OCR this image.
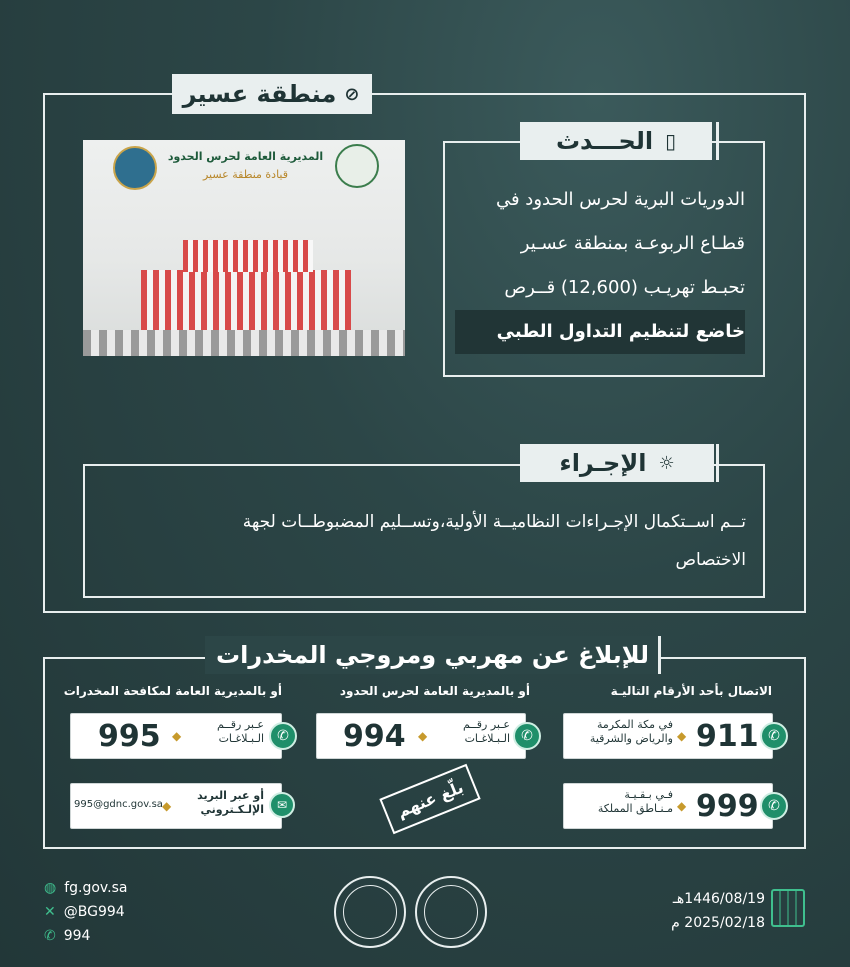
⊘
منطقة عسير
المديرية العامة لحرس الحدود
قيادة منطقة عسير
▯
الحـــدث
الدوريات البرية لحرس الحدود في
قطـاع الربوعـة بمنطقة عسـير
تحبـط تهريـب (12,600) قــرص
خاضع لتنظيم التداول الطبي
☼
الإجـراء
تــم اســتكمال الإجـراءات النظاميــة الأولية،وتســليم المضبوطــات لجهة
الاختصاص
للإبلاغ عن مهربي ومروجي المخدرات
الاتصال بأحد الأرقام التاليـة
أو بالمديرية العامة لحرس الحدود
أو بالمديرية العامة لمكافحة المخدرات
✆
911
◆
في مكة المكرمة
والرياض والشرقية
✆
999
◆
فـي بـقـيـة
مـنـاطق المملكة
✆
عـبر رقــم
الـبـلاغـات
◆
994
✆
عـبر رقــم
الـبـلاغـات
◆
995
✉
أو عبر البريد
الإلـكـتروني
◆
995@gdnc.gov.sa	بلّغ عنهم
◍ fg.gov.sa
✕ @BG994
✆ 994
1446/08/19هـ
2025/02/18 م
